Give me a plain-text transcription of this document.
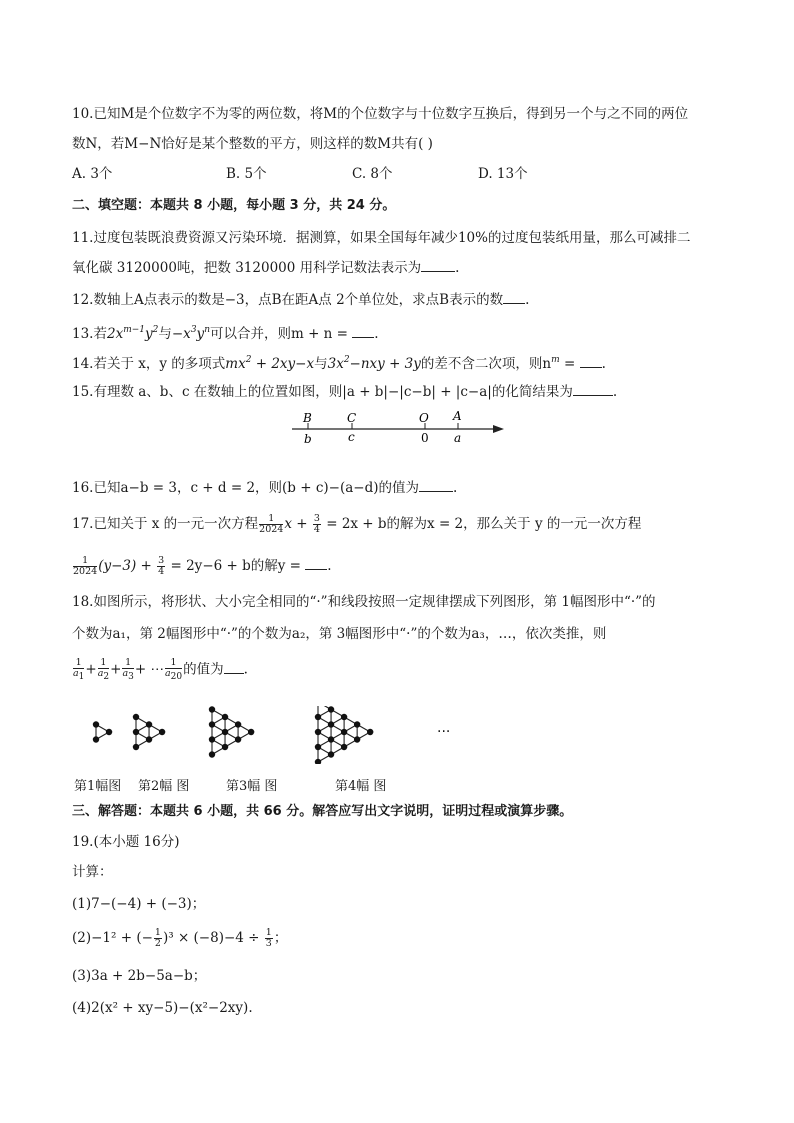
10.已知M是个位数字不为零的两位数，将M的个位数字与十位数字互换后，得到另一个与之不同的两位
数N，若M−N恰好是某个整数的平方，则这样的数M共有( )
A. 3个	B. 5个	C. 8个	D. 13个
二、填空题：本题共 8 小题，每小题 3 分，共 24 分。
11.过度包装既浪费资源又污染环境．据测算，如果全国每年减少10%的过度包装纸用量，那么可减排二
氧化碳 3120000吨，把数 3120000 用科学记数法表示为	.
12.数轴上A点表示的数是−3，点B在距A点 2个单位处，求点B表示的数 .
13.若$2x^{m-1}y^2$与$-x^3y^n$可以合并，则m + n = .
14.若关于 x，y 的多项式$mx^2 + 2xy-x$与$3x^2-nxy + 3y$的差不含二次项，则$n^m$ = .
15.有理数 a、b、c 在数轴上的位置如图，则|a + b|−|c−b| + |c−a|的化简结果为	.
B	C	O A
b	c	0 a
16.已知a−b = 3，c + d = 2，则(b + c)−(a−d)的值为	.
17.已知关于 x 的一元一次方程 $\frac{1}{2024}$ $x + \frac{3}{4} = 2x + b$的解为x = 2，那么关于 y 的一元一次方程
$\frac{1}{2024} (y-3) + \frac{3}{4} = 2y-6 + b$的解y = .
18.如图所示，将形状、大小完全相同的“·”和线段按照一定规律摆成下列图形，第 1幅图形中“·”的
个数为a₁，第 2幅图形中“·”的个数为a₂，第 3幅图形中“·”的个数为a₃，…，依次类推，则
$\frac{1}{a_1} + \frac{1}{a_2} + \frac{1}{a_3}$ + ⋯ $\frac{1}{a_{20}}$ 的值为 .
···
第1幅图 第2幅 图	第3幅 图	第4幅 图
三、解答题：本题共 6 小题，共 66 分。解答应写出文字说明，证明过程或演算步骤。
19.(本小题 16分)
计算：
(1)7−(−4) + (−3)；
(2)−1² + (− $\frac{1}{2} )^3 \times (-8)-4 \div \frac{1}{3}$ ；
(3)3a + 2b−5a−b；
(4)2(x² + xy−5)−(x²−2xy).
